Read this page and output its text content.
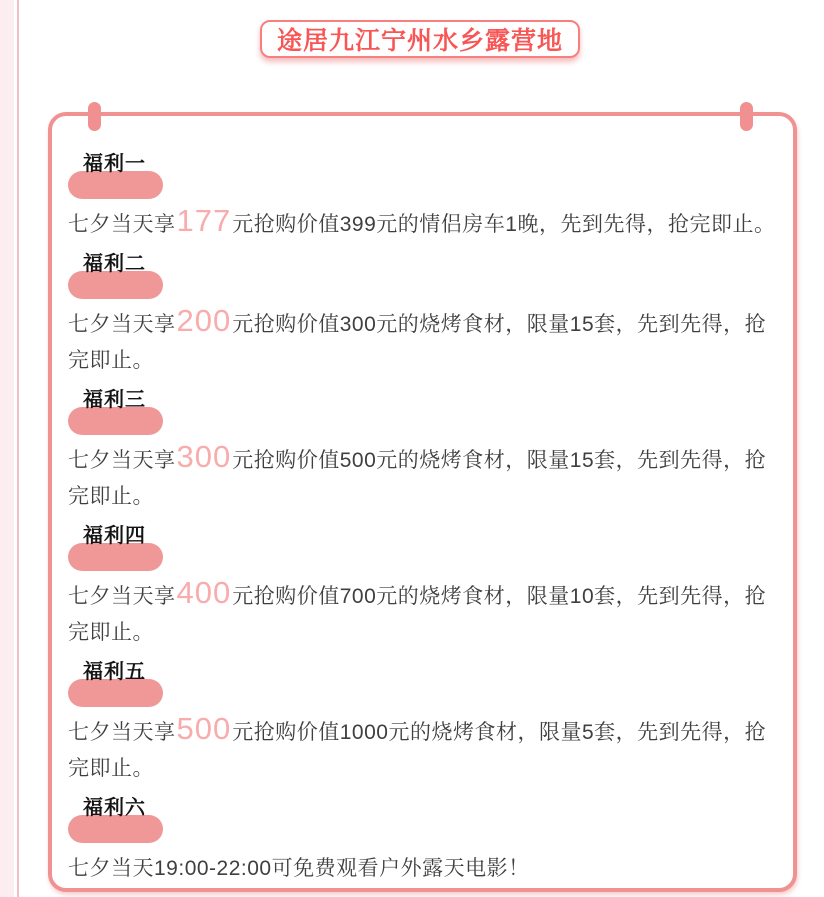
途居九江宁州水乡露营地
福利一

七夕当天享177元抢购价值399元的情侣房车1晚，先到先得，抢完即止。

福利二

七夕当天享200元抢购价值300元的烧烤食材，限量15套，先到先得，抢完即止。

福利三

七夕当天享300元抢购价值500元的烧烤食材，限量15套，先到先得，抢完即止。

福利四

七夕当天享400元抢购价值700元的烧烤食材，限量10套，先到先得，抢完即止。

福利五

七夕当天享500元抢购价值1000元的烧烤食材，限量5套，先到先得，抢完即止。

福利六

七夕当天19:00-22:00可免费观看户外露天电影！
